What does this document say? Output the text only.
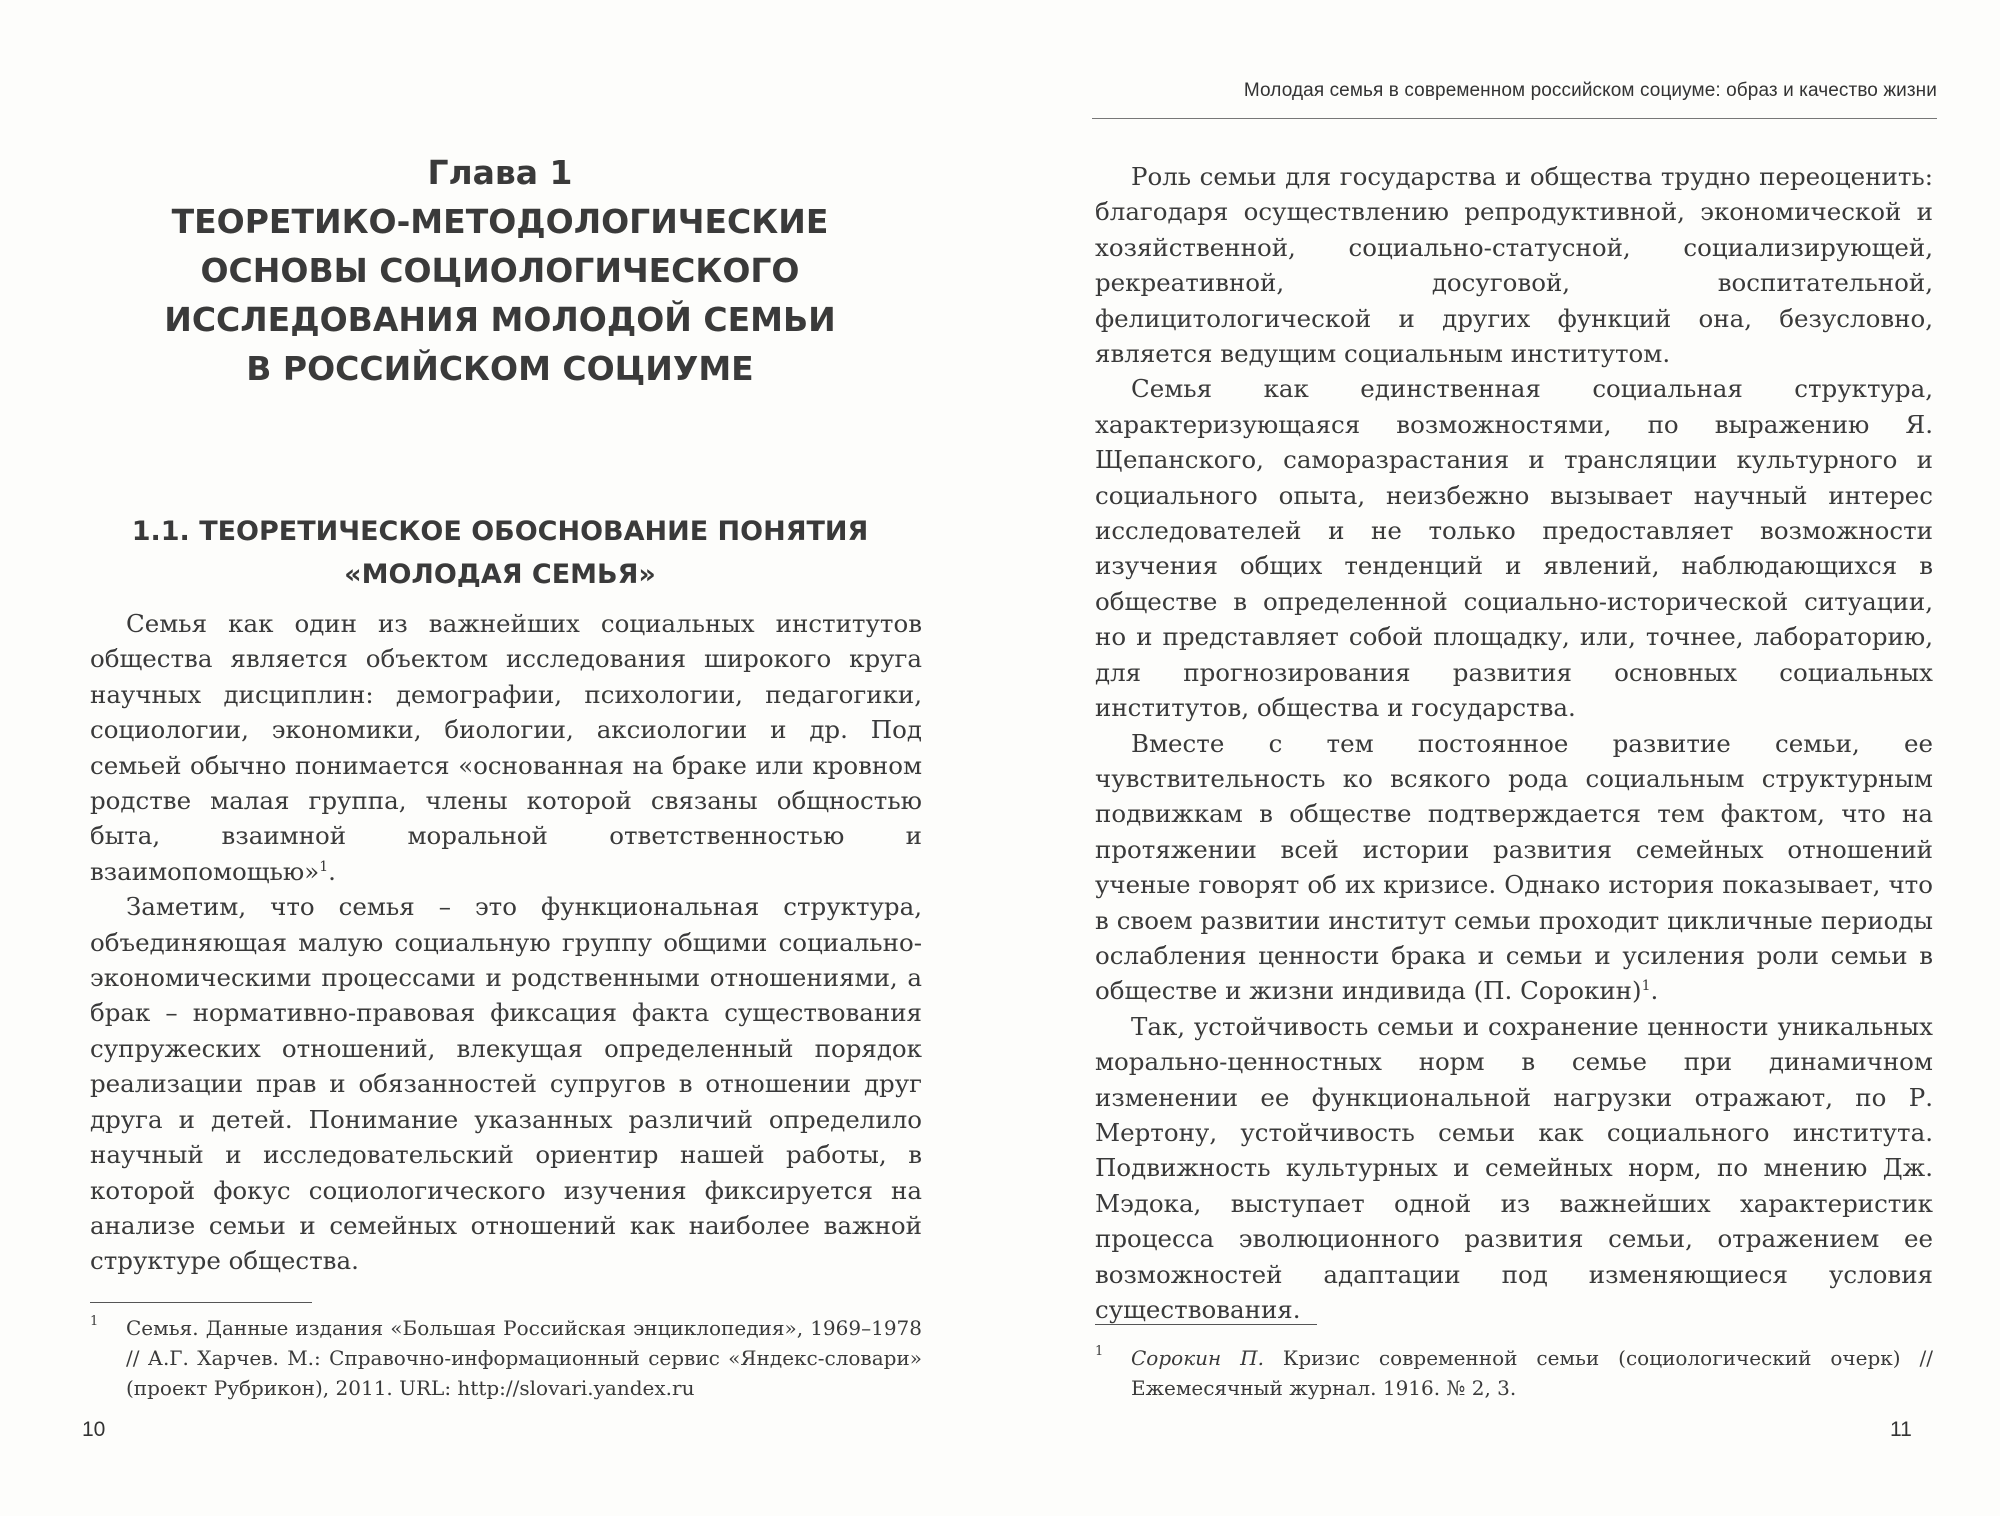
Глава 1
ТЕОРЕТИКО-МЕТОДОЛОГИЧЕСКИЕ
ОСНОВЫ СОЦИОЛОГИЧЕСКОГО
ИССЛЕДОВАНИЯ МОЛОДОЙ СЕМЬИ
В РОССИЙСКОМ СОЦИУМЕ
1.1. ТЕОРЕТИЧЕСКОЕ ОБОСНОВАНИЕ ПОНЯТИЯ
«МОЛОДАЯ СЕМЬЯ»

Семья как один из важнейших социальных институтов общества является объектом исследования широкого круга научных дисциплин: демографии, психологии, педагогики, социологии, экономики, биологии, аксиологии и др. Под семьей обычно понимается «основанная на браке или кровном родстве малая группа, члены которой связаны общностью быта, взаимной моральной ответственностью и взаимопомощью»$^1$.

Заметим, что семья – это функциональная структура, объединяющая малую социальную группу общими социально-экономическими процессами и родственными отношениями, а брак – нормативно-правовая фиксация факта существования супружеских отношений, влекущая определенный порядок реализации прав и обязанностей супругов в отношении друг друга и детей. Понимание указанных различий определило научный и исследовательский ориентир нашей работы, в которой фокус социологического изучения фиксируется на анализе семьи и семейных отношений как наиболее важной структуре общества.

1 Семья. Данные издания «Большая Российская энциклопедия», 1969–1978 // А.Г. Харчев. М.: Справочно-информационный сервис «Яндекс-словари» (проект Рубрикон), 2011. URL: http://slovari.yandex.ru
10
Молодая семья в современном российском социуме: образ и качество жизни

Роль семьи для государства и общества трудно переоценить: благодаря осуществлению репродуктивной, экономической и хозяйственной, социально-статусной, социализирующей, рекреативной, досуговой, воспитательной, фелицитологической и других функций она, безусловно, является ведущим социальным институтом.

Семья как единственная социальная структура, характеризующаяся возможностями, по выражению Я. Щепанского, саморазрастания и трансляции культурного и социального опыта, неизбежно вызывает научный интерес исследователей и не только предоставляет возможности изучения общих тенденций и явлений, наблюдающихся в обществе в определенной социально-исторической ситуации, но и представляет собой площадку, или, точнее, лабораторию, для прогнозирования развития основных социальных институтов, общества и государства.

Вместе с тем постоянное развитие семьи, ее чувствительность ко всякого рода социальным структурным подвижкам в обществе подтверждается тем фактом, что на протяжении всей истории развития семейных отношений ученые говорят об их кризисе. Однако история показывает, что в своем развитии институт семьи проходит цикличные периоды ослабления ценности брака и семьи и усиления роли семьи в обществе и жизни индивида (П. Сорокин)$^1$.

Так, устойчивость семьи и сохранение ценности уникальных морально-ценностных норм в семье при динамичном изменении ее функциональной нагрузки отражают, по Р. Мертону, устойчивость семьи как социального института. Подвижность культурных и семейных норм, по мнению Дж. Мэдока, выступает одной из важнейших характеристик процесса эволюционного развития семьи, отражением ее возможностей адаптации под изменяющиеся условия существования.

1 Сорокин П. Кризис современной семьи (социологический очерк) // Ежемесячный журнал. 1916. № 2, 3.
11
